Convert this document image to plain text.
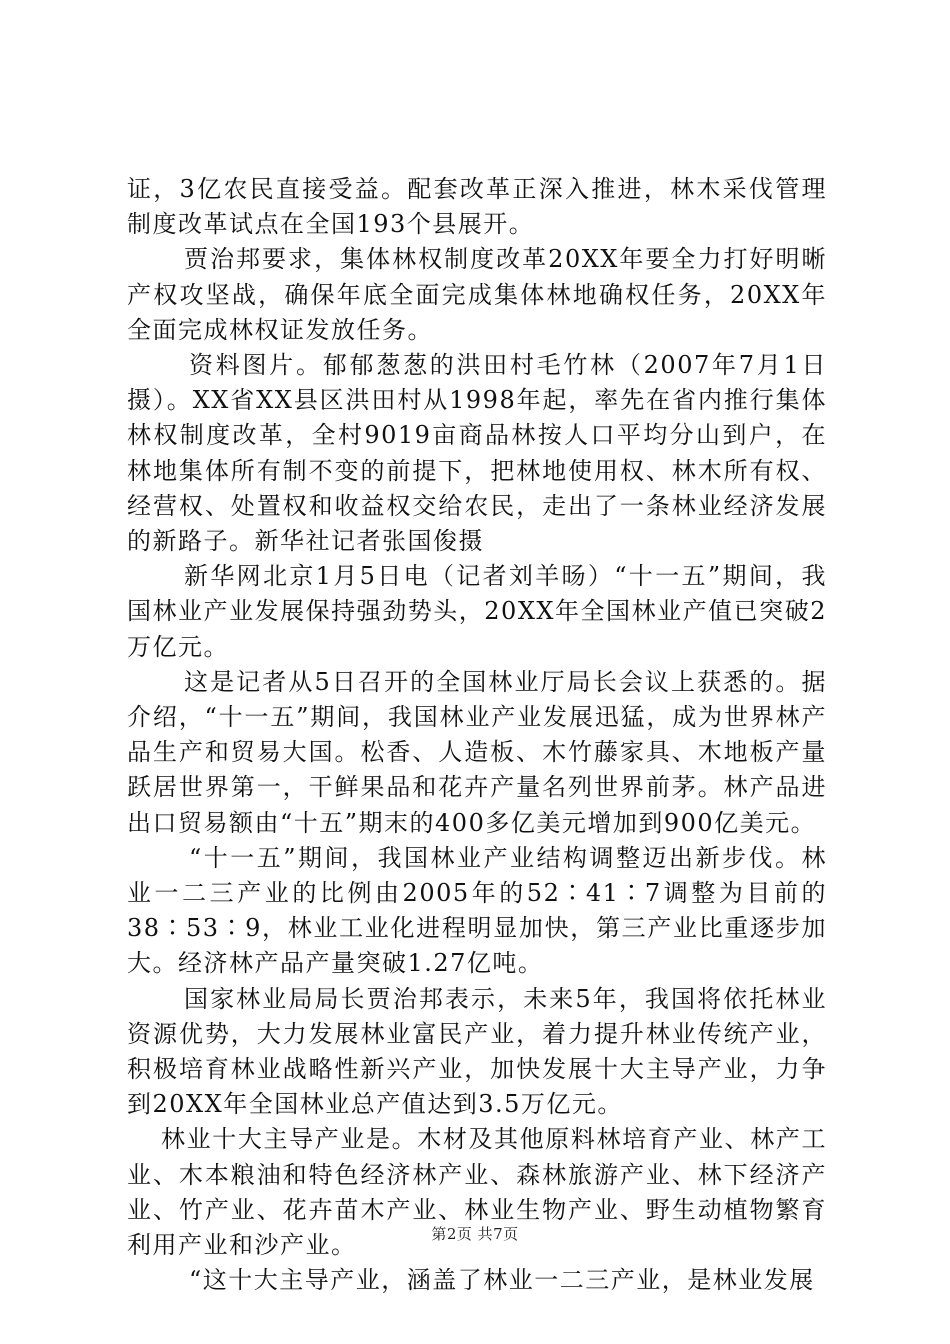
证，3亿农民直接受益。配套改革正深入推进，林木采伐管理制度改革试点在全国193个县展开。

贾治邦要求，集体林权制度改革20XX年要全力打好明晰产权攻坚战，确保年底全面完成集体林地确权任务，20XX年全面完成林权证发放任务。

资料图片。郁郁葱葱的洪田村毛竹林（2007年7月1日摄）。XX省XX县区洪田村从1998年起，率先在省内推行集体林权制度改革，全村9019亩商品林按人口平均分山到户，在林地集体所有制不变的前提下，把林地使用权、林木所有权、经营权、处置权和收益权交给农民，走出了一条林业经济发展的新路子。新华社记者张国俊摄

新华网北京1月5日电（记者刘羊旸）“十一五”期间，我国林业产业发展保持强劲势头，20XX年全国林业产值已突破2万亿元。

这是记者从5日召开的全国林业厅局长会议上获悉的。据介绍，“十一五”期间，我国林业产业发展迅猛，成为世界林产品生产和贸易大国。松香、人造板、木竹藤家具、木地板产量跃居世界第一，干鲜果品和花卉产量名列世界前茅。林产品进出口贸易额由“十五”期末的400多亿美元增加到900亿美元。

“十一五”期间，我国林业产业结构调整迈出新步伐。林业一二三产业的比例由2005年的52∶41∶7调整为目前的38∶53∶9，林业工业化进程明显加快，第三产业比重逐步加大。经济林产品产量突破1.27亿吨。

国家林业局局长贾治邦表示，未来5年，我国将依托林业资源优势，大力发展林业富民产业，着力提升林业传统产业，积极培育林业战略性新兴产业，加快发展十大主导产业，力争到20XX年全国林业总产值达到3.5万亿元。

林业十大主导产业是。木材及其他原料林培育产业、林产工业、木本粮油和特色经济林产业、森林旅游产业、林下经济产业、竹产业、花卉苗木产业、林业生物产业、野生动植物繁育利用产业和沙产业。

“这十大主导产业，涵盖了林业一二三产业，是林业发展

第2页 共7页
